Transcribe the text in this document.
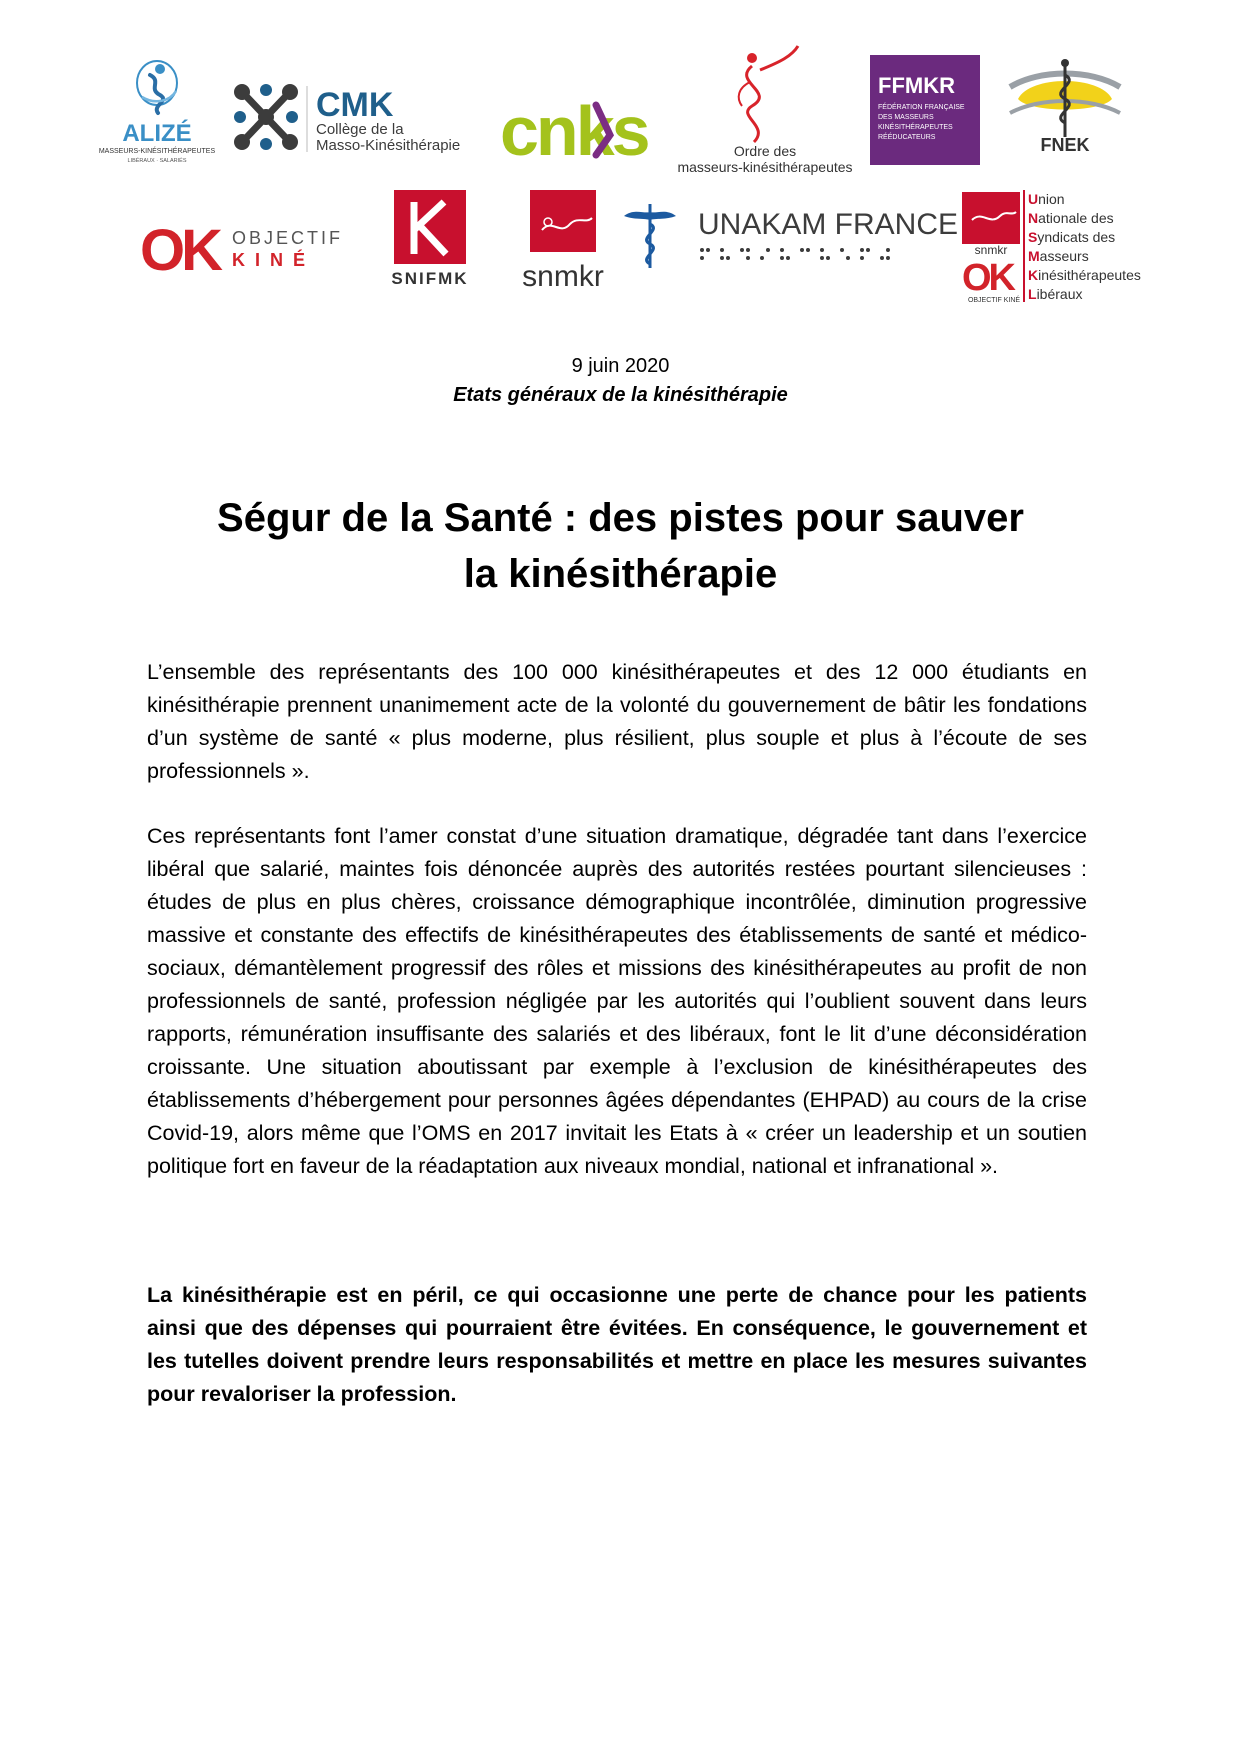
ALIZÉ
MASSEURS-KINÉSITHÉRAPEUTES
LIBÉRAUX · SALARIÉS
CMK
Collège de la
Masso-Kinésithérapie cnks	Ordre des
masseurs-kinésithérapeutes
FFMKR
FÉDÉRATION FRANÇAISE
DES MASSEURS
KINÉSITHÉRAPEUTES
RÉÉDUCATEURS	FNEK
OK OBJECTIF
KINÉ
SNIFMK snmkr
UNAKAM FRANCE
snmkr
OK
OBJECTIF KINÉ
Union
Nationale des
Syndicats des
Masseurs
Kinésithérapeutes
Libéraux
9 juin 2020
Etats généraux de la kinésithérapie
Ségur de la Santé : des pistes pour sauver
la kinésithérapie

L’ensemble des représentants des 100 000 kinésithérapeutes et des 12 000 étudiants en kinésithérapie prennent unanimement acte de la volonté du gouvernement de bâtir les fondations d’un système de santé « plus moderne, plus résilient, plus souple et plus à l’écoute de ses professionnels ».

Ces représentants font l’amer constat d’une situation dramatique, dégradée tant dans l’exercice libéral que salarié, maintes fois dénoncée auprès des autorités restées pourtant silencieuses : études de plus en plus chères, croissance démographique incontrôlée, diminution progressive massive et constante des effectifs de kinésithérapeutes des établissements de santé et médico-sociaux, démantèlement progressif des rôles et missions des kinésithérapeutes au profit de non professionnels de santé, profession négligée par les autorités qui l’oublient souvent dans leurs rapports, rémunération insuffisante des salariés et des libéraux, font le lit d’une déconsidération croissante. Une situation aboutissant par exemple à l’exclusion de kinésithérapeutes des établissements d’hébergement pour personnes âgées dépendantes (EHPAD) au cours de la crise Covid-19, alors même que l’OMS en 2017 invitait les Etats à « créer un leadership et un soutien politique fort en faveur de la réadaptation aux niveaux mondial, national et infranational ».

La kinésithérapie est en péril, ce qui occasionne une perte de chance pour les patients ainsi que des dépenses qui pourraient être évitées. En conséquence, le gouvernement et les tutelles doivent prendre leurs responsabilités et mettre en place les mesures suivantes pour revaloriser la profession.
